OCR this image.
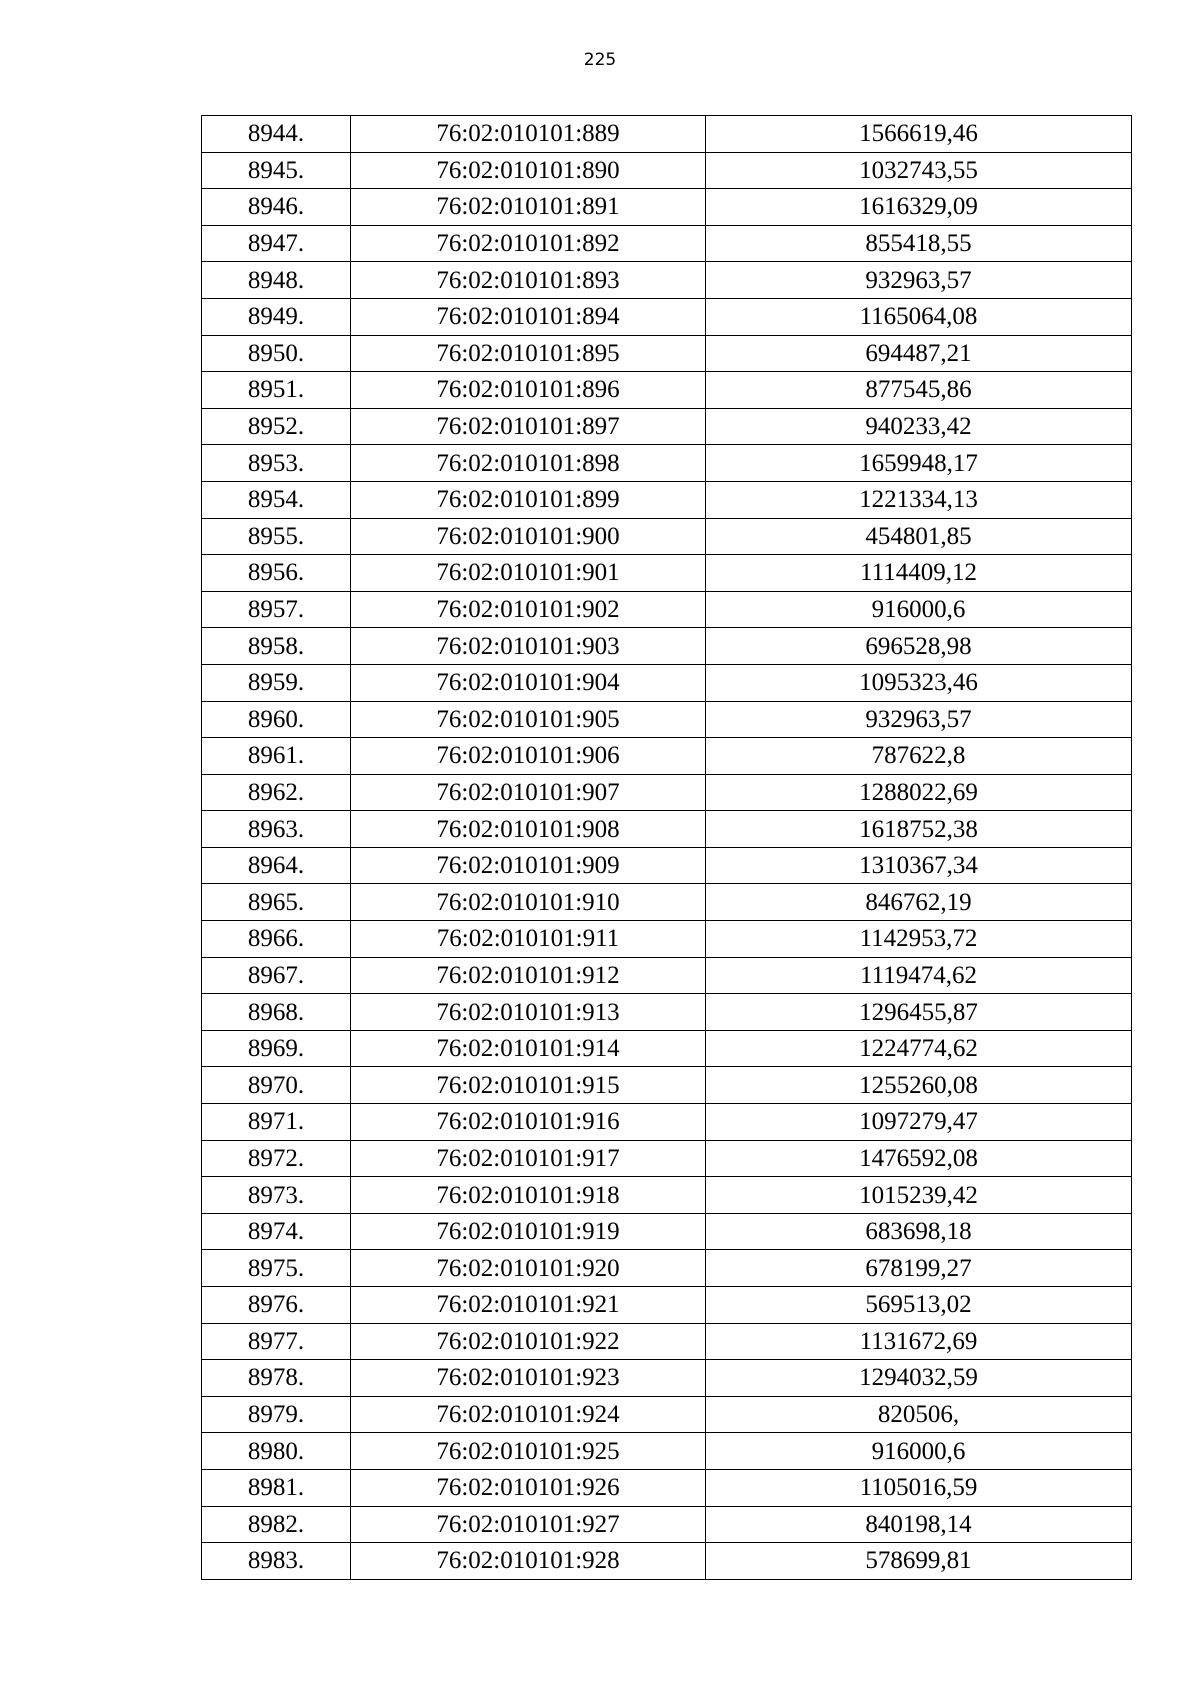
225
8944.	76:02:010101:889	1566619,46
8945.	76:02:010101:890	1032743,55
8946.	76:02:010101:891	1616329,09
8947.	76:02:010101:892	855418,55
8948.	76:02:010101:893	932963,57
8949.	76:02:010101:894	1165064,08
8950.	76:02:010101:895	694487,21
8951.	76:02:010101:896	877545,86
8952.	76:02:010101:897	940233,42
8953.	76:02:010101:898	1659948,17
8954.	76:02:010101:899	1221334,13
8955.	76:02:010101:900	454801,85
8956.	76:02:010101:901	1114409,12
8957.	76:02:010101:902	916000,6
8958.	76:02:010101:903	696528,98
8959.	76:02:010101:904	1095323,46
8960.	76:02:010101:905	932963,57
8961.	76:02:010101:906	787622,8
8962.	76:02:010101:907	1288022,69
8963.	76:02:010101:908	1618752,38
8964.	76:02:010101:909	1310367,34
8965.	76:02:010101:910	846762,19
8966.	76:02:010101:911	1142953,72
8967.	76:02:010101:912	1119474,62
8968.	76:02:010101:913	1296455,87
8969.	76:02:010101:914	1224774,62
8970.	76:02:010101:915	1255260,08
8971.	76:02:010101:916	1097279,47
8972.	76:02:010101:917	1476592,08
8973.	76:02:010101:918	1015239,42
8974.	76:02:010101:919	683698,18
8975.	76:02:010101:920	678199,27
8976.	76:02:010101:921	569513,02
8977.	76:02:010101:922	1131672,69
8978.	76:02:010101:923	1294032,59
8979.	76:02:010101:924	820506,
8980.	76:02:010101:925	916000,6
8981.	76:02:010101:926	1105016,59
8982.	76:02:010101:927	840198,14
8983.	76:02:010101:928	578699,81
